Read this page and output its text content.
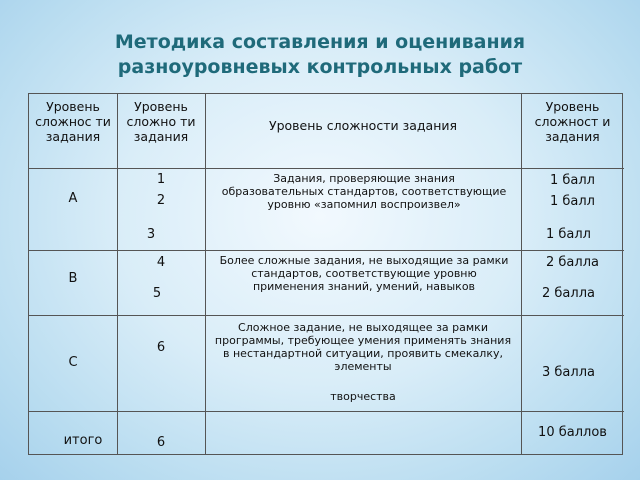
Методика составления и оценивания
разноуровневых контрольных работ
Уровень сложнос ти задания
Уровень сложно ти задания
Уровень сложности задания
Уровень сложност и задания
A
1
2
3
Задания, проверяющие знания образовательных стандартов, соответствующие уровню «запомнил воспроизвел»
1 балл
1 балл
1 балл
B
4
5
Более сложные задания, не выходящие за рамки стандартов, соответствующие уровню применения знаний, умений, навыков
2 балла
2 балла
C
6
Сложное задание, не выходящее за рамки программы, требующее умения применять знания в нестандартной ситуации, проявить смекалку, элементы
творчества
3 балла
итого	6
10 баллов
